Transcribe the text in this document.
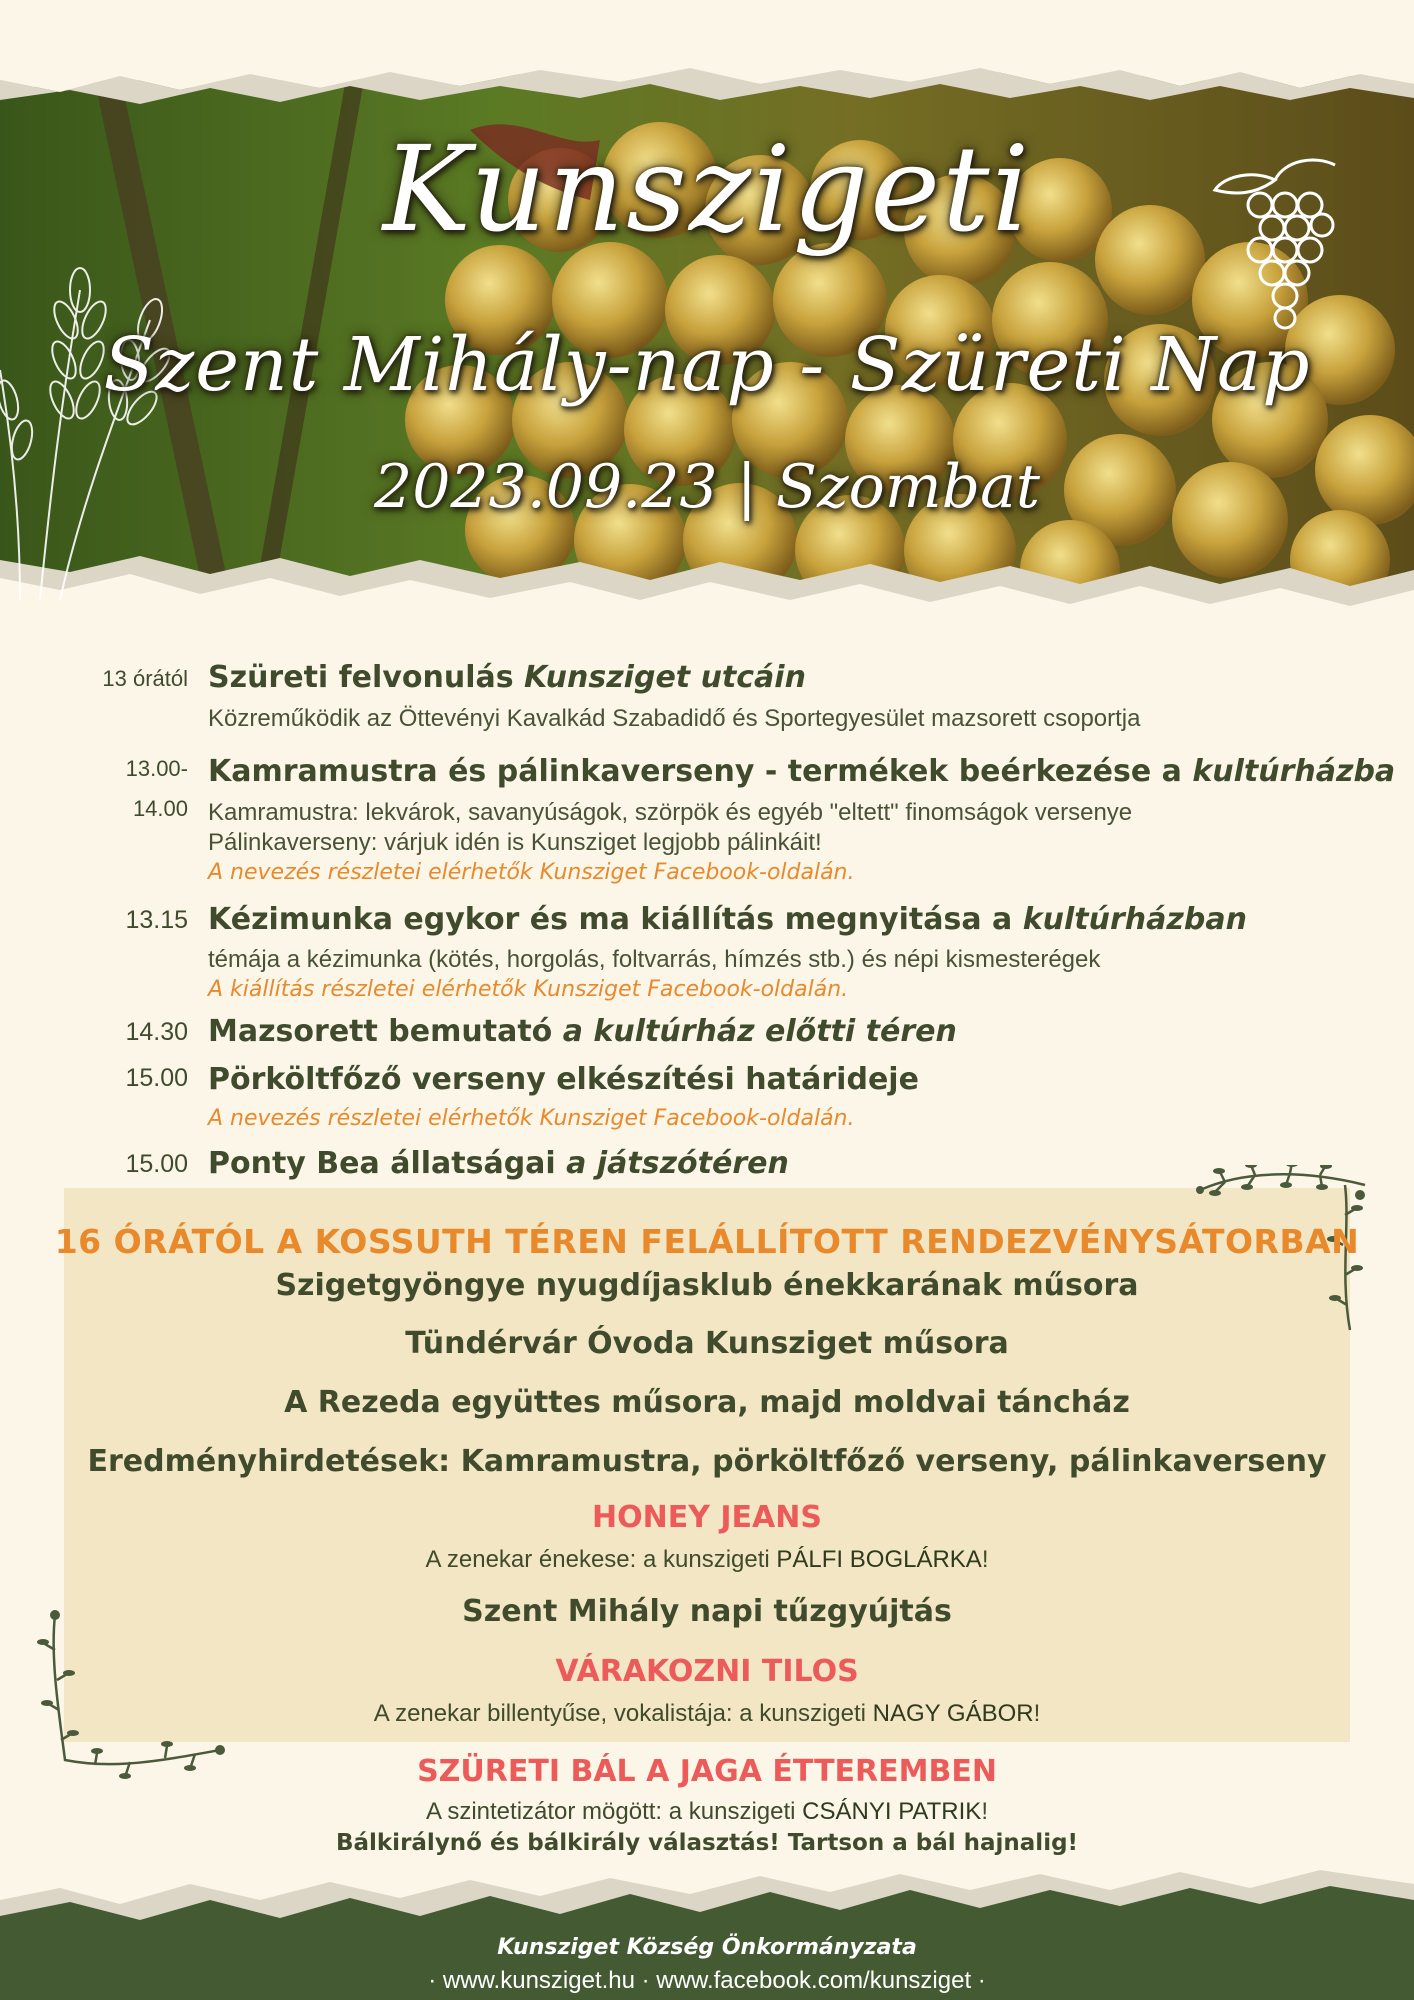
Kunszigeti
Szent Mihály-nap - Szüreti Nap
2023.09.23 | Szombat
13 órától Szüreti felvonulás Kunsziget utcáin
Közreműködik az Öttevényi Kavalkád Szabadidő és Sportegyesület mazsorett csoportja
13.00-
14.00
Kamramustra és pálinkaverseny - termékek beérkezése a kultúrházba
Kamramustra: lekvárok, savanyúságok, szörpök és egyéb "eltett" finomságok versenye
Pálinkaverseny: várjuk idén is Kunsziget legjobb pálinkáit!
A nevezés részletei elérhetők Kunsziget Facebook-oldalán.
13.15 Kézimunka egykor és ma kiállítás megnyitása a kultúrházban
témája a kézimunka (kötés, horgolás, foltvarrás, hímzés stb.) és népi kismesterégek
A kiállítás részletei elérhetők Kunsziget Facebook-oldalán.
14.30 Mazsorett bemutató a kultúrház előtti téren
15.00 Pörköltfőző verseny elkészítési határideje
A nevezés részletei elérhetők Kunsziget Facebook-oldalán.
15.00 Ponty Bea állatságai a játszótéren
16 ÓRÁTÓL A KOSSUTH TÉREN FELÁLLÍTOTT RENDEZVÉNYSÁTORBAN
Szigetgyöngye nyugdíjasklub énekkarának műsora
Tündérvár Óvoda Kunsziget műsora
A Rezeda együttes műsora, majd moldvai táncház
Eredményhirdetések: Kamramustra, pörköltfőző verseny, pálinkaverseny
HONEY JEANS
A zenekar énekese: a kunszigeti PÁLFI BOGLÁRKA!
Szent Mihály napi tűzgyújtás
VÁRAKOZNI TILOS
A zenekar billentyűse, vokalistája: a kunszigeti NAGY GÁBOR!
SZÜRETI BÁL A JAGA ÉTTEREMBEN
A szintetizátor mögött: a kunszigeti CSÁNYI PATRIK!
Bálkirálynő és bálkirály választás! Tartson a bál hajnalig!
Kunsziget Község Önkormányzata
· www.kunsziget.hu · www.facebook.com/kunsziget ·
